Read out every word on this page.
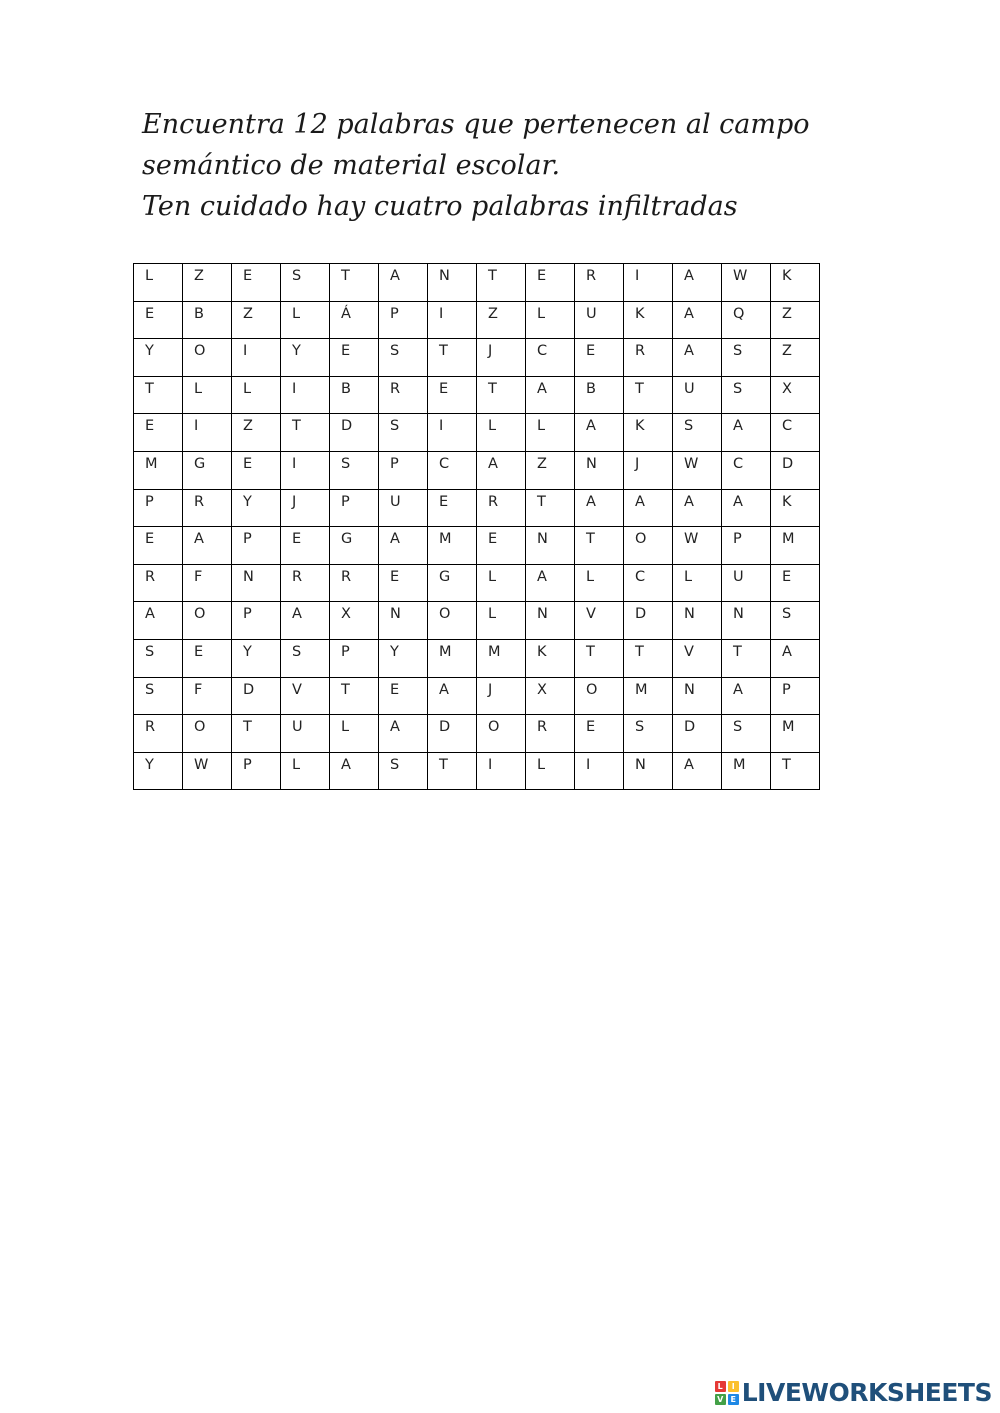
Encuentra 12 palabras que pertenecen al campo
semántico de material escolar.
Ten cuidado hay cuatro palabras infiltradas
L	Z	E	S	T	A	N	T	E	R	I	A	W	K
E	B	Z	L	Á	P	I	Z	L	U	K	A	Q	Z
Y	O	I	Y	E	S	T	J	C	E	R	A	S	Z
T	L	L	I	B	R	E	T	A	B	T	U	S	X
E	I	Z	T	D	S	I	L	L	A	K	S	A	C
M	G	E	I	S	P	C	A	Z	N	J	W	C	D
P	R	Y	J	P	U	E	R	T	A	A	A	A	K
E	A	P	E	G	A	M	E	N	T	O	W	P	M
R	F	N	R	R	E	G	L	A	L	C	L	U	E
A	O	P	A	X	N	O	L	N	V	D	N	N	S
S	E	Y	S	P	Y	M	M	K	T	T	V	T	A
S	F	D	V	T	E	A	J	X	O	M	N	A	P
R	O	T	U	L	A	D	O	R	E	S	D	S	M
Y	W	P	L	A	S	T	I	L	I	N	A	M	T
L	I
V E LIVEWORKSHEETS
